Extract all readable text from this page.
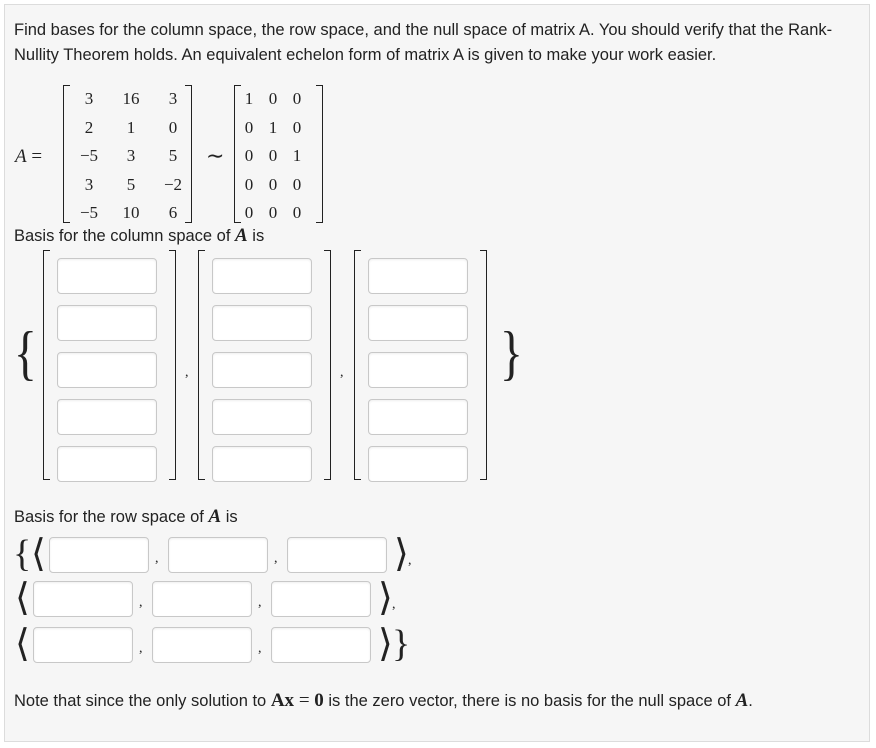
Find bases for the column space, the row space, and the null space of matrix A. You should verify that the Rank-Nullity Theorem holds. An equivalent echelon form of matrix A is given to make your work easier.
A =
3	16	3
2	1	0
−5	3	5
3	5	−2
−5	10	6
∼
1 0 0
0 1 0
0 0 1
0 0 0
0 0 0
Basis for the column space of A is
{	}
,	,
Basis for the row space of A is
{ ⟨	,	,	⟩ ,
⟨	,	,	⟩ ,
⟨	,	,	⟩ }
Note that since the only solution to Ax = 0 is the zero vector, there is no basis for the null space of A.
